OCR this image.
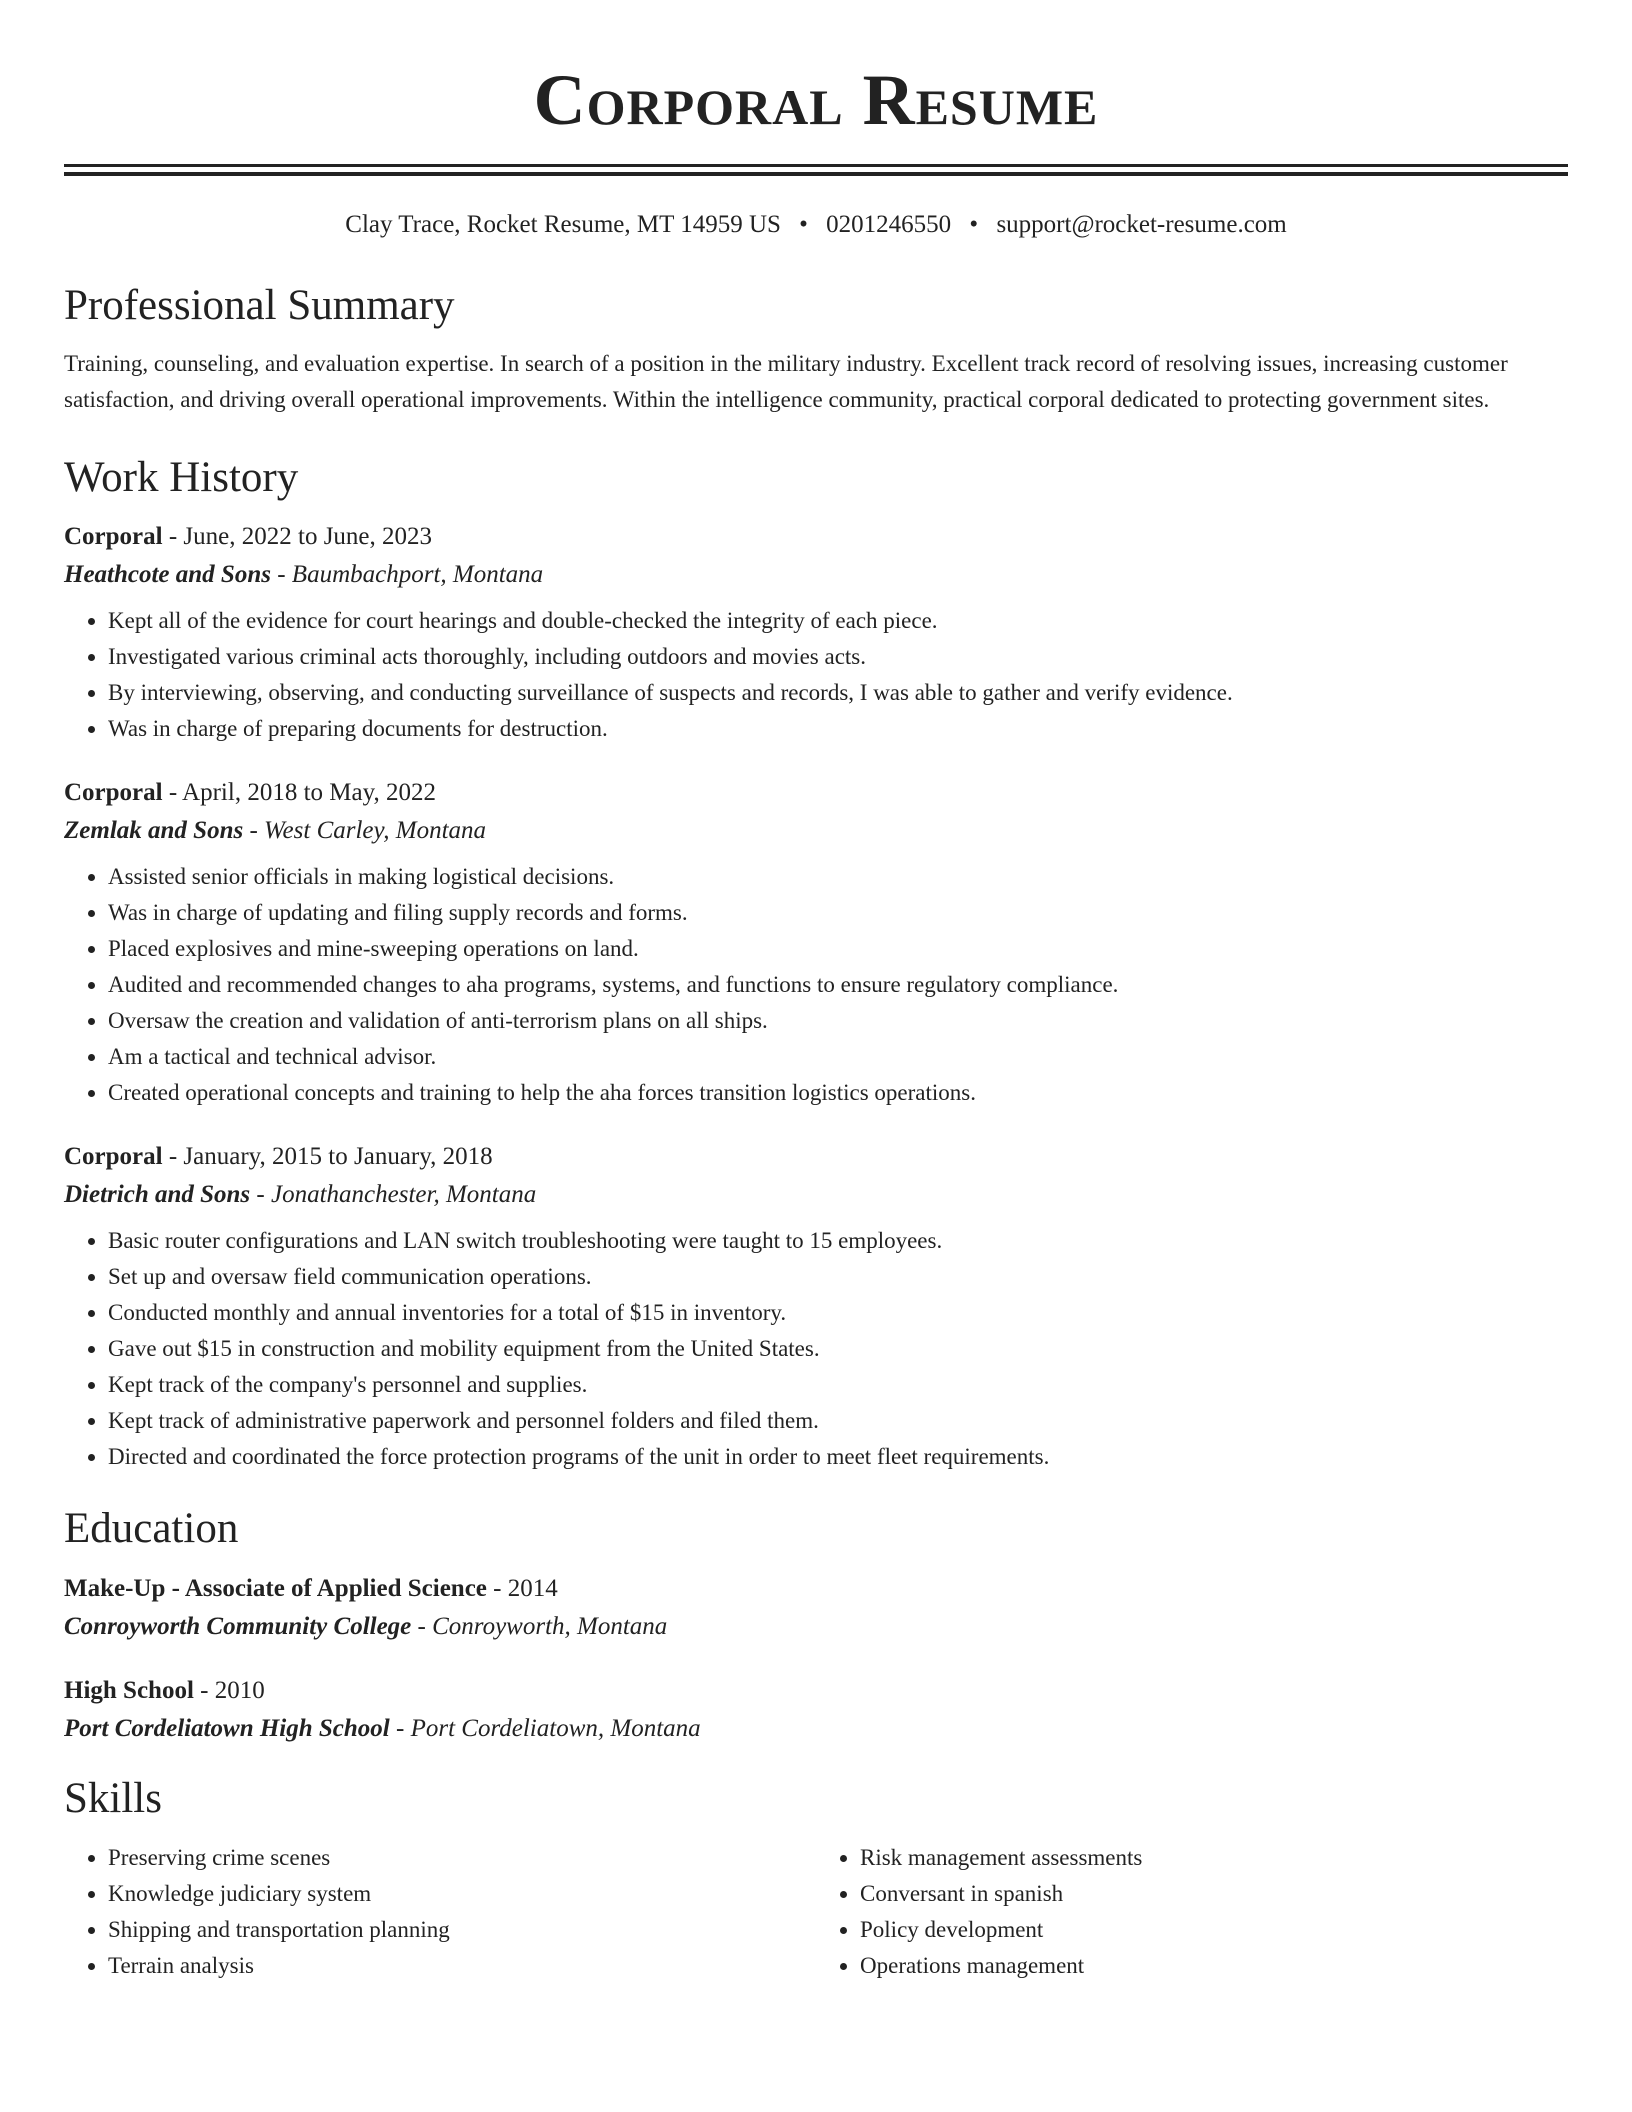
Corporal Resume
Clay Trace, Rocket Resume, MT 14959 US • 0201246550 • support@rocket-resume.com
Professional Summary
Training, counseling, and evaluation expertise. In search of a position in the military industry. Excellent track record of resolving issues, increasing customer satisfaction, and driving overall operational improvements. Within the intelligence community, practical corporal dedicated to protecting government sites.
Work History
Corporal - June, 2022 to June, 2023
Heathcote and Sons - Baumbachport, Montana
• Kept all of the evidence for court hearings and double-checked the integrity of each piece.
• Investigated various criminal acts thoroughly, including outdoors and movies acts.
• By interviewing, observing, and conducting surveillance of suspects and records, I was able to gather and verify evidence.
• Was in charge of preparing documents for destruction.
Corporal - April, 2018 to May, 2022
Zemlak and Sons - West Carley, Montana
• Assisted senior officials in making logistical decisions.
• Was in charge of updating and filing supply records and forms.
• Placed explosives and mine-sweeping operations on land.
• Audited and recommended changes to aha programs, systems, and functions to ensure regulatory compliance.
• Oversaw the creation and validation of anti-terrorism plans on all ships.
• Am a tactical and technical advisor.
• Created operational concepts and training to help the aha forces transition logistics operations.
Corporal - January, 2015 to January, 2018
Dietrich and Sons - Jonathanchester, Montana
• Basic router configurations and LAN switch troubleshooting were taught to 15 employees.
• Set up and oversaw field communication operations.
• Conducted monthly and annual inventories for a total of $15 in inventory.
• Gave out $15 in construction and mobility equipment from the United States.
• Kept track of the company's personnel and supplies.
• Kept track of administrative paperwork and personnel folders and filed them.
• Directed and coordinated the force protection programs of the unit in order to meet fleet requirements.
Education
Make-Up - Associate of Applied Science - 2014
Conroyworth Community College - Conroyworth, Montana
High School - 2010
Port Cordeliatown High School - Port Cordeliatown, Montana
Skills
• Preserving crime scenes
• Knowledge judiciary system
• Shipping and transportation planning
• Terrain analysis
• Risk management assessments
• Conversant in spanish
• Policy development
• Operations management
